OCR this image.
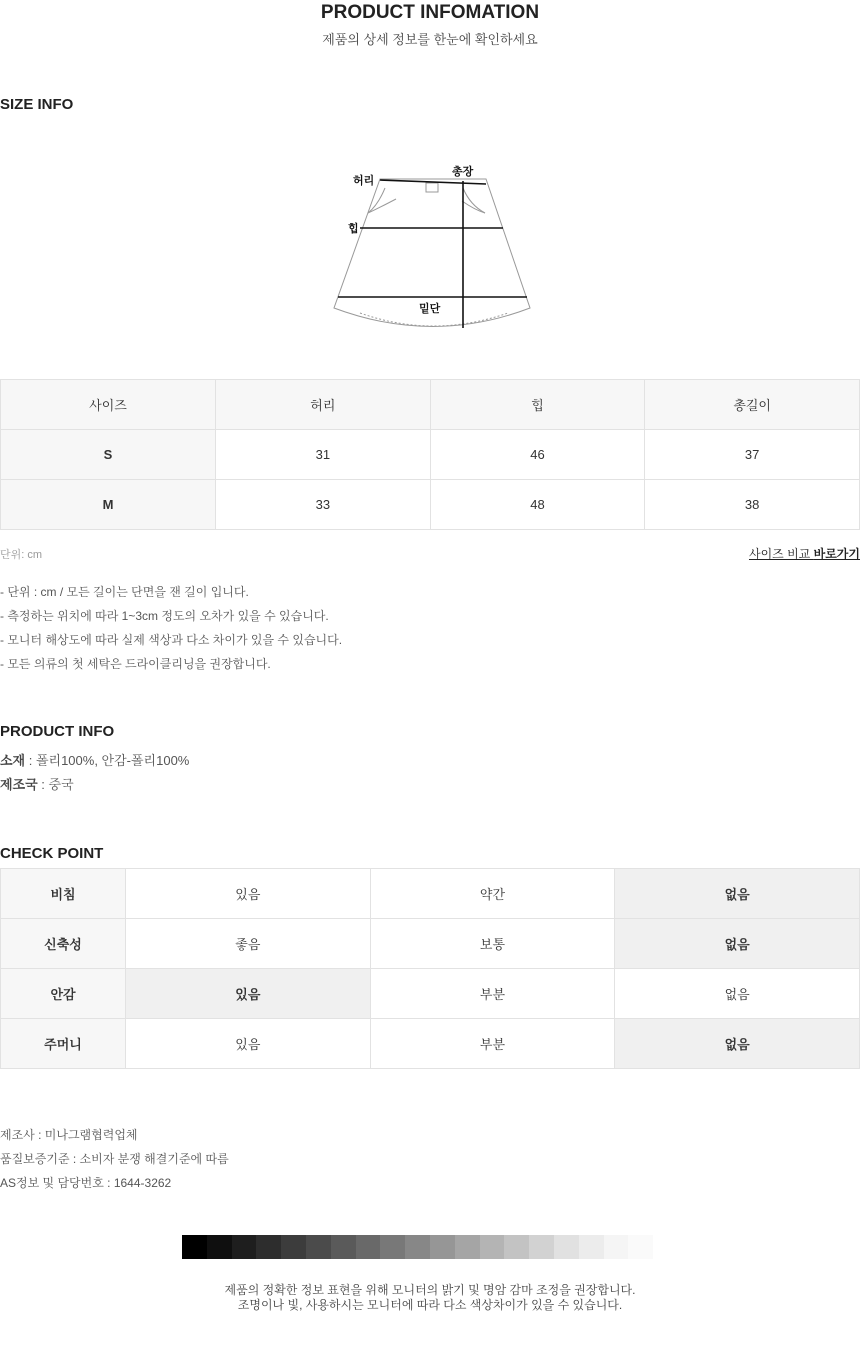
PRODUCT INFOMATION
제품의 상세 정보를 한눈에 확인하세요
SIZE INFO
허리
총장
힙
밑단
사이즈	허리	힙	총길이
S	31	46	37
M	33	48	38
단위: cm	사이즈 비교 바로가기
- 단위 : cm / 모든 길이는 단면을 잰 길이 입니다.
- 측정하는 위치에 따라 1~3cm 정도의 오차가 있을 수 있습니다.
- 모니터 해상도에 따라 실제 색상과 다소 차이가 있을 수 있습니다.
- 모든 의류의 첫 세탁은 드라이클리닝을 권장합니다.
PRODUCT INFO
소재 : 폴리100%, 안감-폴리100%
제조국 : 중국
CHECK POINT
비침	있음	약간	없음
신축성	좋음	보통	없음
안감	있음	부분	없음
주머니	있음	부분	없음
제조사 : 미나그램협력업체
품질보증기준 : 소비자 분쟁 해결기준에 따름
AS정보 및 담당번호 : 1644-3262
제품의 정확한 정보 표현을 위해 모니터의 밝기 및 명암 감마 조정을 권장합니다.
조명이나 빛, 사용하시는 모니터에 따라 다소 색상차이가 있을 수 있습니다.
